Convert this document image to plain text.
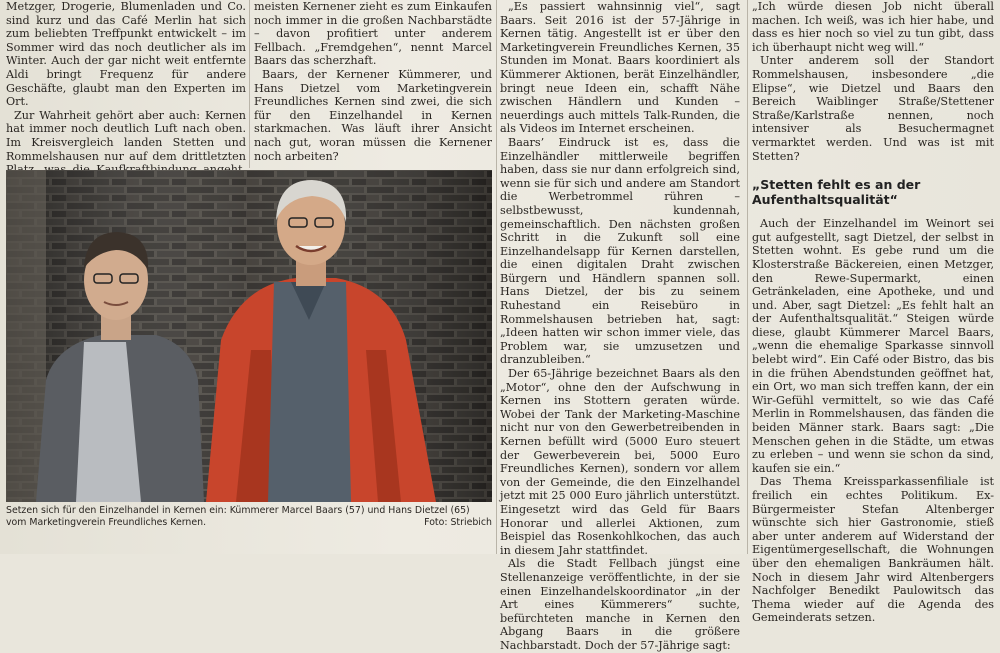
Metzger, Drogerie, Blumenladen und Co. sind kurz und das Café Merlin hat sich zum beliebten Treffpunkt entwickelt – im Sommer wird das noch deutlicher als im Winter. Auch der gar nicht weit entfernte Aldi bringt Frequenz für andere Geschäfte, glaubt man den Experten im Ort.

Zur Wahrheit gehört aber auch: Kernen hat immer noch deutlich Luft nach oben. Im Kreisvergleich landen Stetten und Rommelshausen nur auf dem drittletzten

meisten Kernener zieht es zum Einkaufen noch immer in die großen Nachbarstädte – davon profitiert unter anderem Fellbach. „Fremdgehen“, nennt Marcel Baars das scherzhaft.

Baars, der Kernener Kümmerer, und Hans Dietzel vom Marketingverein Freundliches Kernen sind zwei, die sich für den Einzelhandel in Kernen starkmachen. Was läuft ihrer Ansicht nach gut, woran müssen die Kernener noch arbeiten?

„Es passiert wahnsinnig viel“, sagt Baars. Seit 2016 ist der 57-Jährige in Kernen tätig. Angestellt ist er über den Marketingverein Freundliches Kernen, 35 Stunden im Monat. Baars koordiniert als Kümmerer Aktionen, berät Einzelhändler, bringt neue Ideen ein, schafft Nähe zwischen Händlern und Kunden – neuerdings auch mittels Talk-Runden, die als Videos im Internet erscheinen.

Baars’ Eindruck ist es, dass die Einzelhändler mittlerweile begriffen haben, dass sie nur dann erfolgreich sind, wenn sie für sich und andere am Standort die Werbetrommel rühren – selbstbewusst, kundennah, gemeinschaftlich. Den nächsten großen Schritt in die Zukunft soll eine Einzelhandelsapp für Kernen darstellen, die einen digitalen Draht zwischen Bürgern und Händlern spannen soll. Hans Dietzel, der bis zu seinem Ruhestand ein Reisebüro in Rommelshausen betrieben hat, sagt: „Ideen hatten wir schon immer viele, das Problem war, sie umzusetzen und dranzubleiben.“

Der 65-Jährige bezeichnet Baars als den „Motor“, ohne den der Aufschwung in Kernen ins Stottern geraten würde. Wobei der Tank der Marketing-Maschine nicht nur von den Gewerbetreibenden in Kernen befüllt wird (5000 Euro steuert der Gewerbeverein bei, 5000 Euro Freundliches Kernen), sondern vor allem von der Gemeinde, die den Einzelhandel jetzt mit 25 000 Euro jährlich unterstützt. Eingesetzt wird das Geld für Baars Honorar und allerlei Aktionen, zum Beispiel das Rosenkohlkochen, das auch in diesem Jahr stattfindet.

Als die Stadt Fellbach jüngst eine Stellenanzeige veröffentlichte, in der sie einen Einzelhandelskoordinator „in der Art eines Kümmerers“ suchte, befürchteten manche in Kernen den Abgang Baars in die größere Nachbarstadt. Doch der 57-Jährige sagt:

„Ich würde diesen Job nicht überall machen. Ich weiß, was ich hier habe, und dass es hier noch so viel zu tun gibt, dass ich überhaupt nicht weg will.“

Unter anderem soll der Standort Rommelshausen, insbesondere „die Elipse“, wie Dietzel und Baars den Bereich Waiblinger Straße/Stettener Straße/Karlstraße nennen, noch intensiver als Besuchermagnet vermarktet werden. Und was ist mit Stetten?

„Stetten fehlt es an der Aufenthaltsqualität“

Auch der Einzelhandel im Weinort sei gut aufgestellt, sagt Dietzel, der selbst in Stetten wohnt. Es gebe rund um die Klosterstraße Bäckereien, einen Metzger, den Rewe-Supermarkt, einen Getränkeladen, eine Apotheke, und und und. Aber, sagt Dietzel: „Es fehlt halt an der Aufenthaltsqualität.“ Steigen würde diese, glaubt Kümmerer Marcel Baars, „wenn die ehemalige Sparkasse sinnvoll belebt wird“. Ein Café oder Bistro, das bis in die frühen Abendstunden geöffnet hat, ein Ort, wo man sich treffen kann, der ein Wir-Gefühl vermittelt, so wie das Café Merlin in Rommelshausen, das fänden die beiden Männer stark. Baars sagt: „Die Menschen gehen in die Städte, um etwas zu erleben – und wenn sie schon da sind, kaufen sie ein.“

Das Thema Kreissparkassenfiliale ist freilich ein echtes Politikum. Ex-Bürgermeister Stefan Altenberger wünschte sich hier Gastronomie, stieß aber unter anderem auf Widerstand der Eigentümergesellschaft, die Wohnungen über den ehemaligen Bankräumen hält. Noch in diesem Jahr wird Altenbergers Nachfolger Benedikt Paulowitsch das Thema wieder auf die Agenda des Gemeinderats setzen.

Setzen sich für den Einzelhandel in Kernen ein: Kümmerer Marcel Baars (57) und Hans Dietzel (65) vom Marketingverein Freundliches Kernen.	Foto: Striebich
